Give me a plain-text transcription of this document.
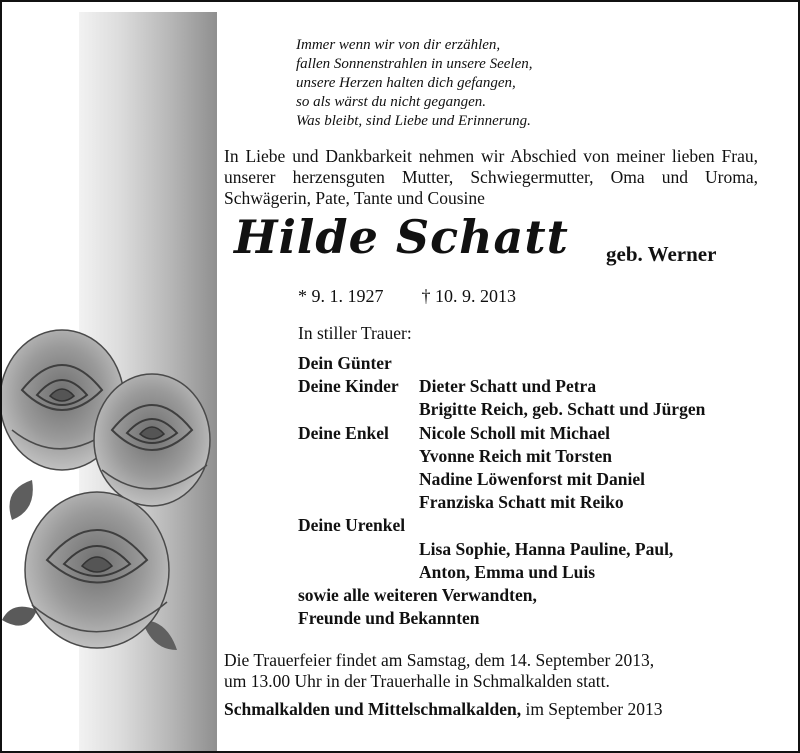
Immer wenn wir von dir erzählen,
fallen Sonnenstrahlen in unsere Seelen,
unsere Herzen halten dich gefangen,
so als wärst du nicht gegangen.
Was bleibt, sind Liebe und Erinnerung.
In Liebe und Dankbarkeit nehmen wir Abschied von meiner lieben Frau, unserer herzensguten Mutter, Schwiegermutter, Oma und Uroma, Schwägerin, Pate, Tante und Cousine
Hilde Schatt geb. Werner
* 9. 1. 1927 † 10. 9. 2013
In stiller Trauer:
Dein Günter
Deine Kinder	Dieter Schatt und Petra
Brigitte Reich, geb. Schatt und Jürgen
Deine Enkel	Nicole Scholl mit Michael
Yvonne Reich mit Torsten
Nadine Löwenforst mit Daniel
Franziska Schatt mit Reiko
Deine Urenkel
Lisa Sophie, Hanna Pauline, Paul,
Anton, Emma und Luis
sowie alle weiteren Verwandten,
Freunde und Bekannten
Die Trauerfeier findet am Samstag, dem 14. September 2013,
um 13.00 Uhr in der Trauerhalle in Schmalkalden statt.
Schmalkalden und Mittelschmalkalden, im September 2013
